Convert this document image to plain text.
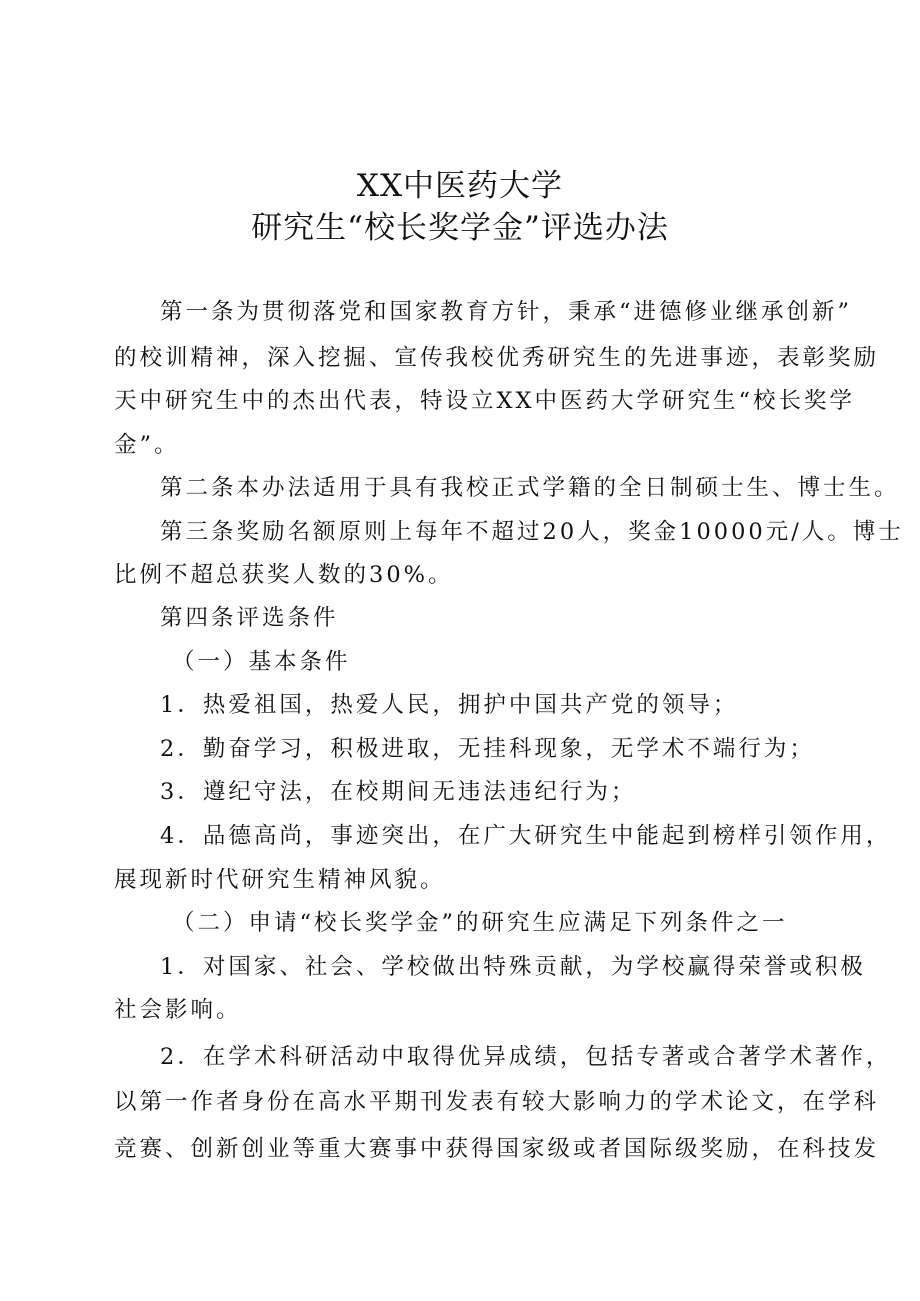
XX中医药大学
研究生“校长奖学金”评选办法
第一条为贯彻落党和国家教育方针，秉承“进德修业继承创新”
的校训精神，深入挖掘、宣传我校优秀研究生的先进事迹，表彰奖励
天中研究生中的杰出代表，特设立XX中医药大学研究生“校长奖学
金”。
第二条本办法适用于具有我校正式学籍的全日制硕士生、博士生。
第三条奖励名额原则上每年不超过20人，奖金10000元/人。博士
比例不超总获奖人数的30%。
第四条评选条件
（一）基本条件
1．热爱祖国，热爱人民，拥护中国共产党的领导；
2．勤奋学习，积极进取，无挂科现象，无学术不端行为；
3．遵纪守法，在校期间无违法违纪行为；
4．品德高尚，事迹突出，在广大研究生中能起到榜样引领作用，
展现新时代研究生精神风貌。
（二）申请“校长奖学金”的研究生应满足下列条件之一
1．对国家、社会、学校做出特殊贡献，为学校赢得荣誉或积极
社会影响。
2．在学术科研活动中取得优异成绩，包括专著或合著学术著作，
以第一作者身份在高水平期刊发表有较大影响力的学术论文，在学科
竞赛、创新创业等重大赛事中获得国家级或者国际级奖励，在科技发
